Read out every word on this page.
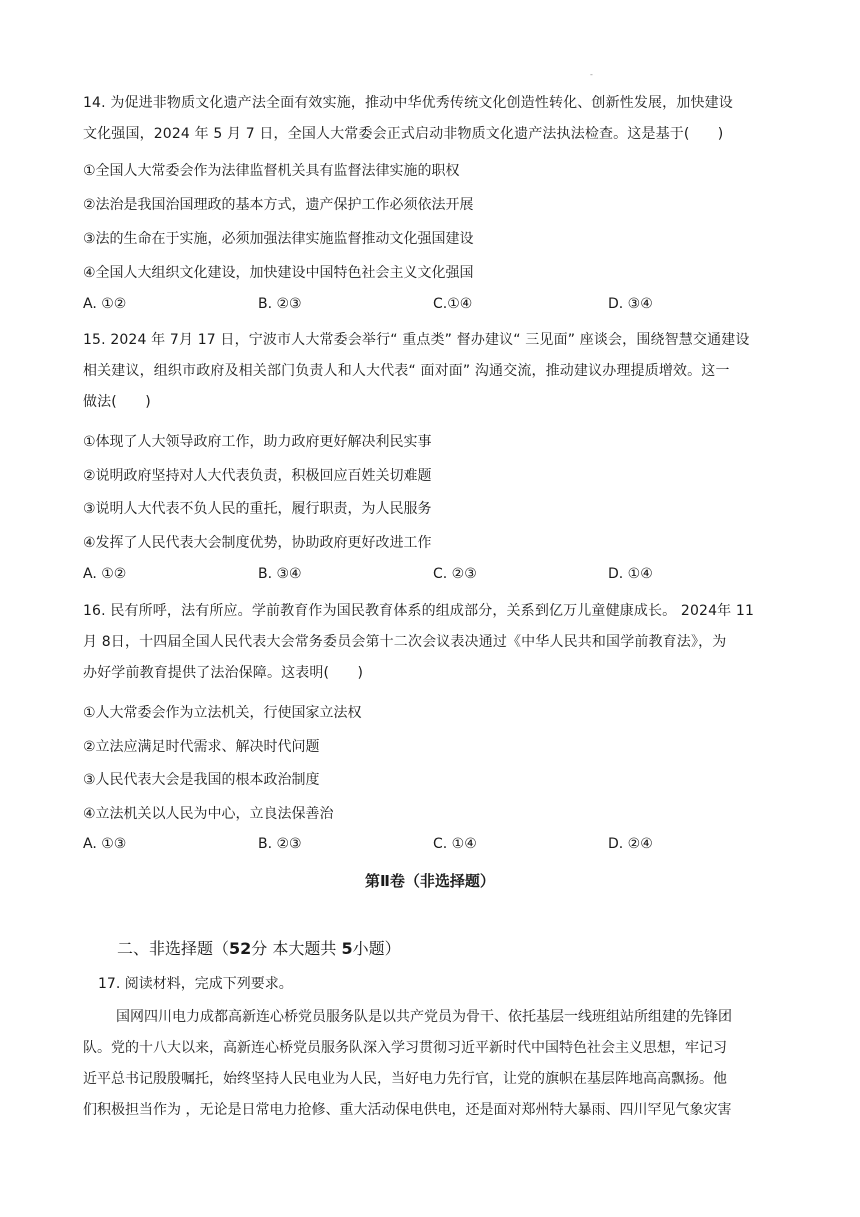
-
14. 为促进非物质文化遗产法全面有效实施，推动中华优秀传统文化创造性转化、创新性发展，加快建设
文化强国，2024 年 5 月 7 日，全国人大常委会正式启动非物质文化遗产法执法检查。这是基于(　　)
①全国人大常委会作为法律监督机关具有监督法律实施的职权
②法治是我国治国理政的基本方式，遗产保护工作必须依法开展
③法的生命在于实施，必须加强法律实施监督推动文化强国建设
④全国人大组织文化建设，加快建设中国特色社会主义文化强国
A. ①②	B. ②③	C.①④	D. ③④
15. 2024 年 7月 17 日，宁波市人大常委会举行“ 重点类” 督办建议“ 三见面” 座谈会，围绕智慧交通建设
相关建议，组织市政府及相关部门负责人和人大代表“ 面对面” 沟通交流，推动建议办理提质增效。这一
做法(　　)
①体现了人大领导政府工作，助力政府更好解决利民实事
②说明政府坚持对人大代表负责，积极回应百姓关切难题
③说明人大代表不负人民的重托，履行职责，为人民服务
④发挥了人民代表大会制度优势，协助政府更好改进工作
A. ①②	B. ③④	C. ②③	D. ①④
16. 民有所呼，法有所应。学前教育作为国民教育体系的组成部分，关系到亿万儿童健康成长。 2024年 11
月 8日，十四届全国人民代表大会常务委员会第十二次会议表决通过《中华人民共和国学前教育法》，为
办好学前教育提供了法治保障。这表明(　　)
①人大常委会作为立法机关，行使国家立法权
②立法应满足时代需求、解决时代问题
③人民代表大会是我国的根本政治制度
④立法机关以人民为中心，立良法保善治
A. ①③	B. ②③	C. ①④	D. ②④
第Ⅱ卷（非选择题）
二、非选择题（52分 本大题共 5小题）
17. 阅读材料，完成下列要求。
国网四川电力成都高新连心桥党员服务队是以共产党员为骨干、依托基层一线班组站所组建的先锋团
队。党的十八大以来，高新连心桥党员服务队深入学习贯彻习近平新时代中国特色社会主义思想，牢记习
近平总书记殷殷嘱托，始终坚持人民电业为人民，当好电力先行官，让党的旗帜在基层阵地高高飘扬。他
们积极担当作为 ，无论是日常电力抢修、重大活动保电供电，还是面对郑州特大暴雨、四川罕见气象灾害
